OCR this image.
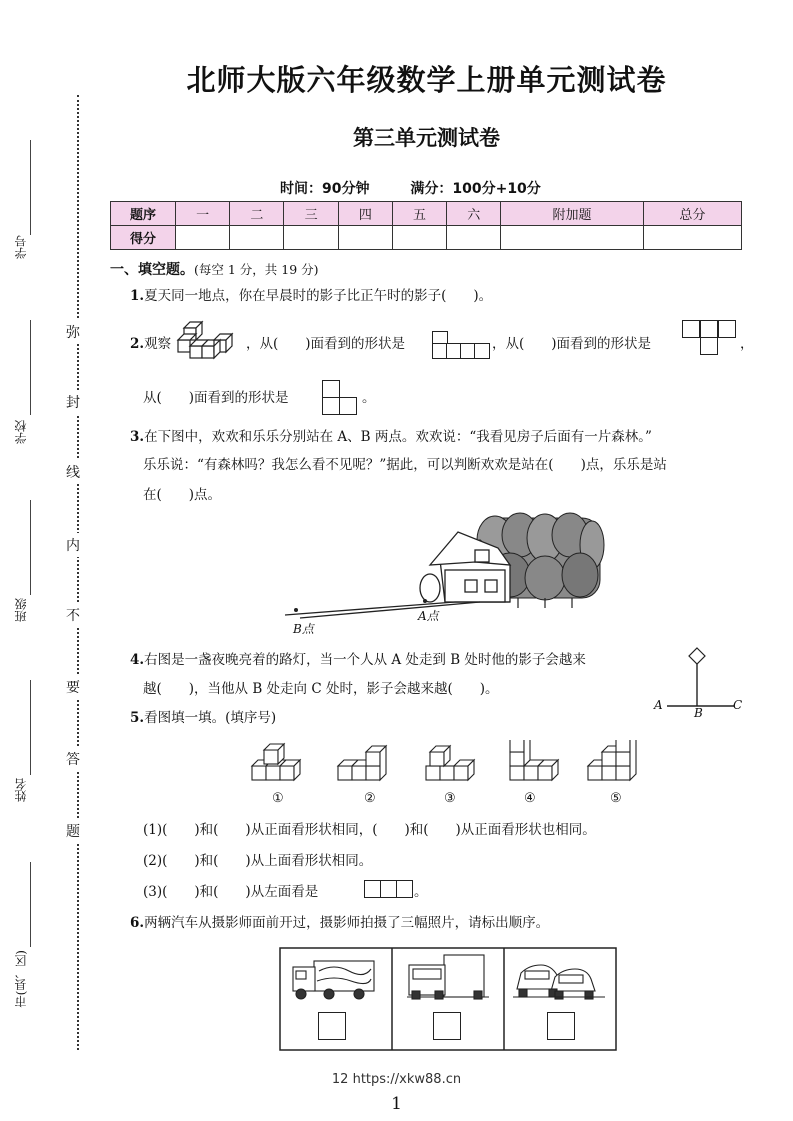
北师大版六年级数学上册单元测试卷
第三单元测试卷
时间：90分钟	满分：100分+10分
题序	一	二	三	四	五	六	附加题	总分
得分								
弥
封
线
内
不
要
答
题
学号
学校
班级
姓名
市(县、区)
一、填空题。(每空 1 分，共 19 分)
1.夏天同一地点，你在早晨时的影子比正午时的影子(　　)。
2.观察	，从(　　)面看到的形状是	，从(　　)面看到的形状是	，
从(　　)面看到的形状是	。
3.在下图中，欢欢和乐乐分别站在 A、B 两点。欢欢说：“我看见房子后面有一片森林。”
乐乐说：“有森林吗？我怎么看不见呢？”据此，可以判断欢欢是站在(　　)点，乐乐是站
在(　　)点。
B点
A点
4.右图是一盏夜晚亮着的路灯，当一个人从 A 处走到 B 处时他的影子会越来
越(　　)，当他从 B 处走向 C 处时，影子会越来越(　　)。
A
B
C
5.看图填一填。(填序号)
①	②	③	④	⑤
(1)(　　)和(　　)从正面看形状相同，(　　)和(　　)从正面看形状也相同。
(2)(　　)和(　　)从上面看形状相同。
(3)(　　)和(　　)从左面看是	。
6.两辆汽车从摄影师面前开过，摄影师拍摄了三幅照片，请标出顺序。
12 https://xkw88.cn
1
